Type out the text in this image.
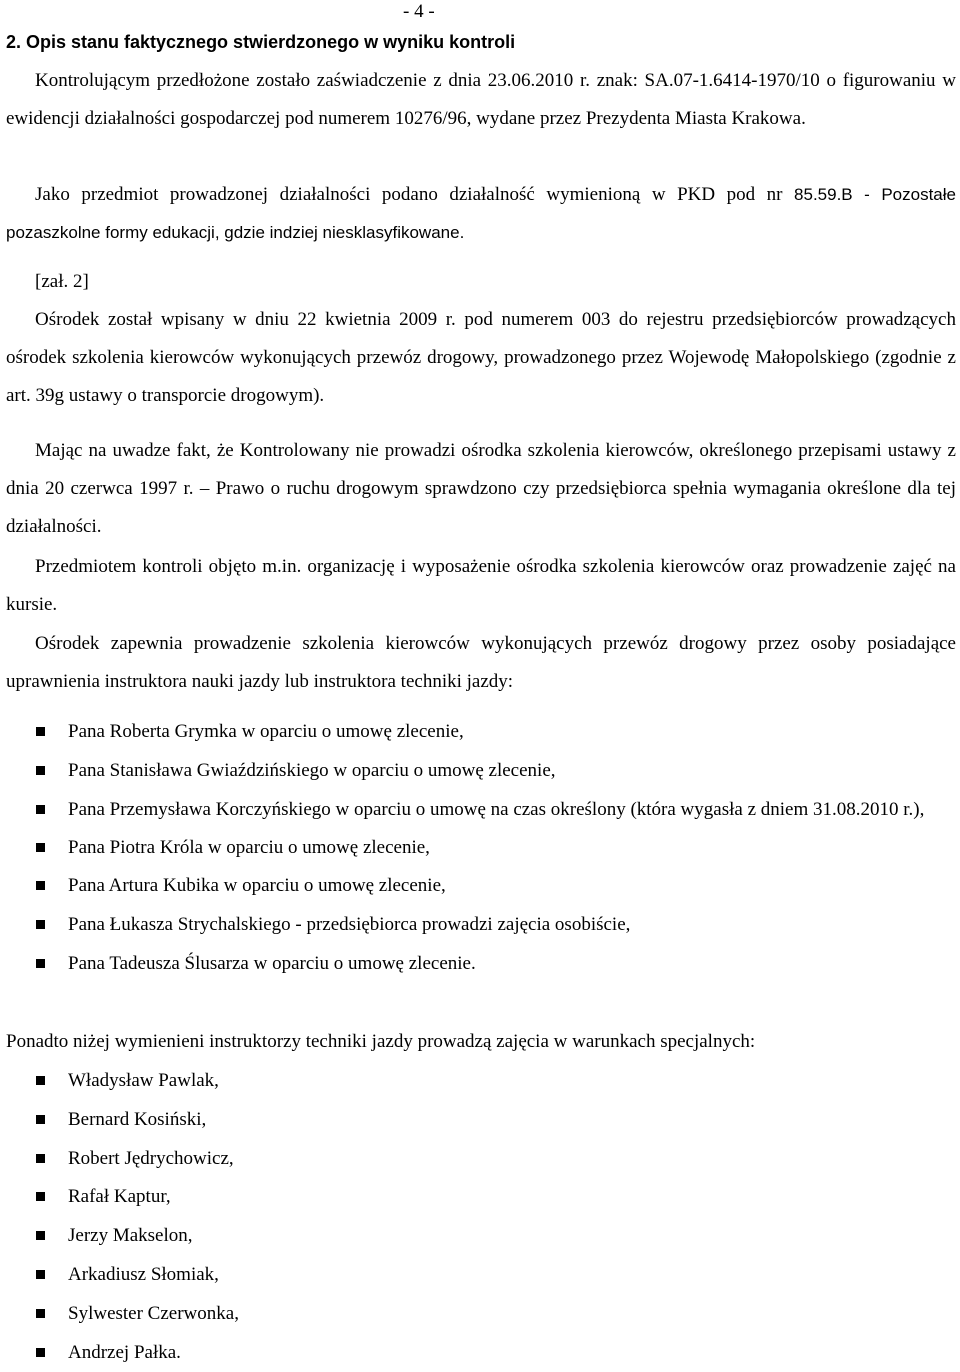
- 4 -
2. Opis stanu faktycznego stwierdzonego w wyniku kontroli

Kontrolującym przedłożone zostało zaświadczenie z dnia 23.06.2010 r. znak: SA.07-1.6414-1970/10 o figurowaniu w ewidencji działalności gospodarczej pod numerem 10276/96, wydane przez Prezydenta Miasta Krakowa.

Jako przedmiot prowadzonej działalności podano działalność wymienioną w PKD pod nr 85.59.B - Pozostałe pozaszkolne formy edukacji, gdzie indziej niesklasyfikowane.

[zał. 2]

Ośrodek został wpisany w dniu 22 kwietnia 2009 r. pod numerem 003 do rejestru przedsiębiorców prowadzących ośrodek szkolenia kierowców wykonujących przewóz drogowy, prowadzonego przez Wojewodę Małopolskiego (zgodnie z art. 39g ustawy o transporcie drogowym).

Mając na uwadze fakt, że Kontrolowany nie prowadzi ośrodka szkolenia kierowców, określonego przepisami ustawy z dnia 20 czerwca 1997 r. – Prawo o ruchu drogowym sprawdzono czy przedsiębiorca spełnia wymagania określone dla tej działalności.

Przedmiotem kontroli objęto m.in. organizację i wyposażenie ośrodka szkolenia kierowców oraz prowadzenie zajęć na kursie.

Ośrodek zapewnia prowadzenie szkolenia kierowców wykonujących przewóz drogowy przez osoby posiadające uprawnienia instruktora nauki jazdy lub instruktora techniki jazdy:

Pana Roberta Grymka w oparciu o umowę zlecenie,
Pana Stanisława Gwiaździńskiego w oparciu o umowę zlecenie,
Pana Przemysława Korczyńskiego w oparciu o umowę na czas określony (która wygasła z dniem 31.08.2010 r.),
Pana Piotra Króla w oparciu o umowę zlecenie,
Pana Artura Kubika w oparciu o umowę zlecenie,
Pana Łukasza Strychalskiego - przedsiębiorca prowadzi zajęcia osobiście,
Pana Tadeusza Ślusarza w oparciu o umowę zlecenie.

Ponadto niżej wymienieni instruktorzy techniki jazdy prowadzą zajęcia w warunkach specjalnych:

Władysław Pawlak,
Bernard Kosiński,
Robert Jędrychowicz,
Rafał Kaptur,
Jerzy Makselon,
Arkadiusz Słomiak,
Sylwester Czerwonka,
Andrzej Pałka.
